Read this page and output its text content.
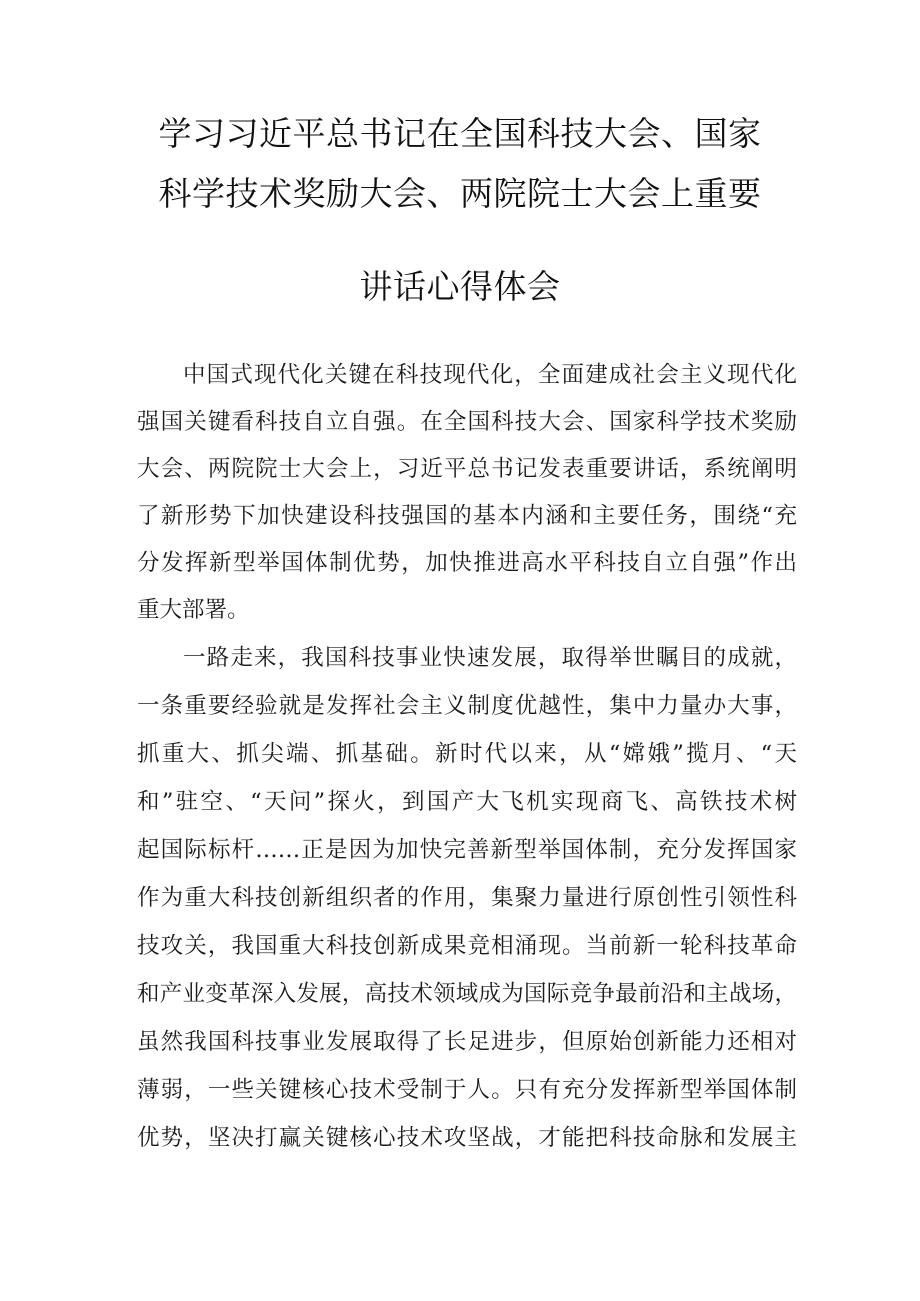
学习习近平总书记在全国科技大会、国家
科学技术奖励大会、两院院士大会上重要
讲话心得体会
中国式现代化关键在科技现代化，全面建成社会主义现代化
强国关键看科技自立自强。在全国科技大会、国家科学技术奖励
大会、两院院士大会上，习近平总书记发表重要讲话，系统阐明
了新形势下加快建设科技强国的基本内涵和主要任务，围绕“充
分发挥新型举国体制优势，加快推进高水平科技自立自强”作出
重大部署。
一路走来，我国科技事业快速发展，取得举世瞩目的成就，
一条重要经验就是发挥社会主义制度优越性，集中力量办大事，
抓重大、抓尖端、抓基础。新时代以来，从“嫦娥”揽月、“天
和”驻空、“天问”探火，到国产大飞机实现商飞、高铁技术树
起国际标杆……正是因为加快完善新型举国体制，充分发挥国家
作为重大科技创新组织者的作用，集聚力量进行原创性引领性科
技攻关，我国重大科技创新成果竞相涌现。当前新一轮科技革命
和产业变革深入发展，高技术领域成为国际竞争最前沿和主战场，
虽然我国科技事业发展取得了长足进步，但原始创新能力还相对
薄弱，一些关键核心技术受制于人。只有充分发挥新型举国体制
优势，坚决打赢关键核心技术攻坚战，才能把科技命脉和发展主
